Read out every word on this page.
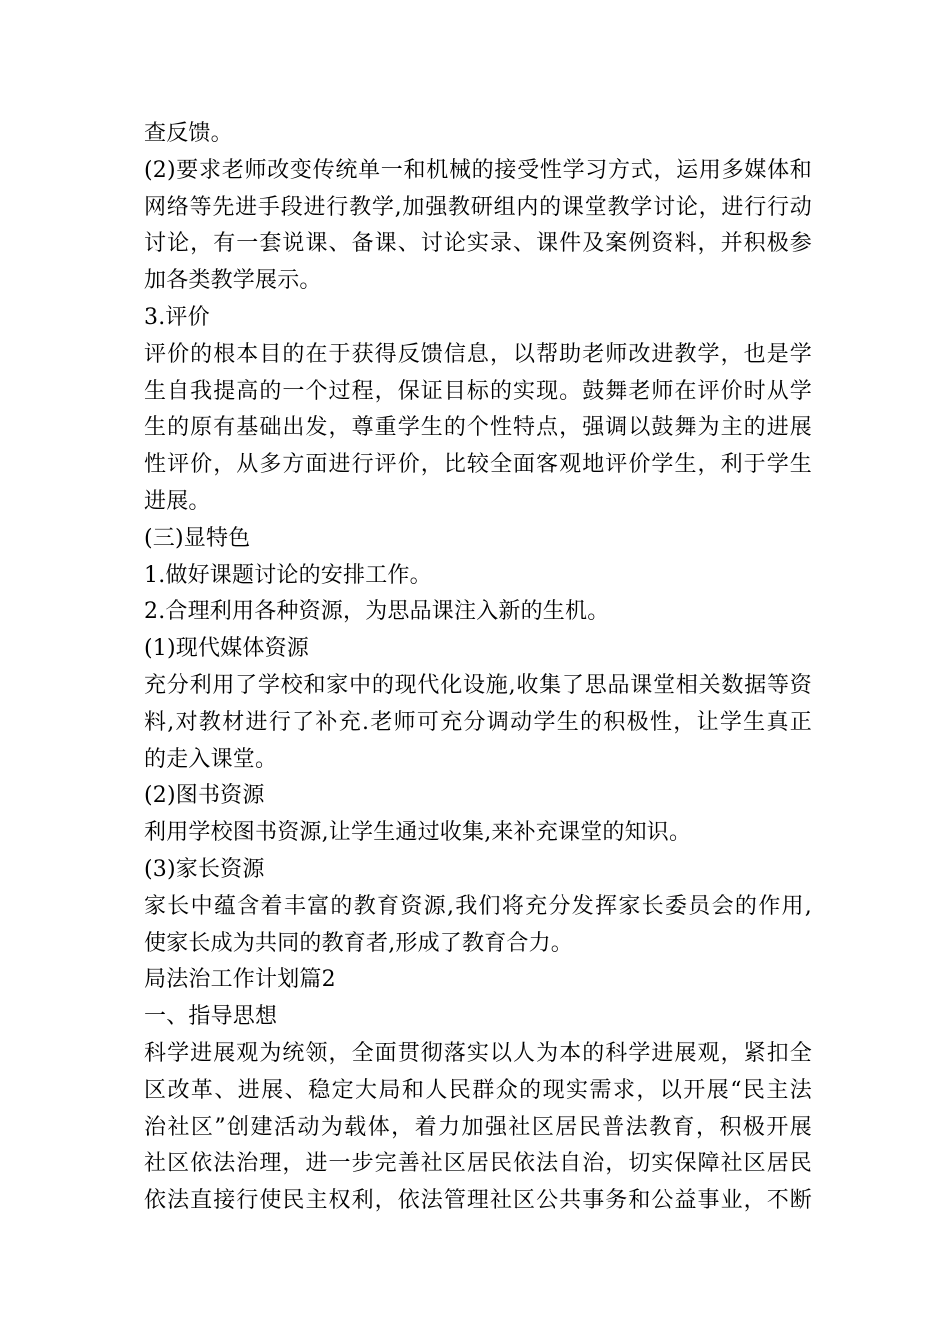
查反馈。
(2)要求老师改变传统单一和机械的接受性学习方式，运用多媒体和
网络等先进手段进行教学,加强教研组内的课堂教学讨论，进行行动
讨论，有一套说课、备课、讨论实录、课件及案例资料，并积极参
加各类教学展示。
3.评价
评价的根本目的在于获得反馈信息，以帮助老师改进教学，也是学
生自我提高的一个过程，保证目标的实现。鼓舞老师在评价时从学
生的原有基础出发，尊重学生的个性特点，强调以鼓舞为主的进展
性评价，从多方面进行评价，比较全面客观地评价学生，利于学生
进展。
(三)显特色
1.做好课题讨论的安排工作。
2.合理利用各种资源，为思品课注入新的生机。
(1)现代媒体资源
充分利用了学校和家中的现代化设施,收集了思品课堂相关数据等资
料,对教材进行了补充.老师可充分调动学生的积极性，让学生真正
的走入课堂。
(2)图书资源
利用学校图书资源,让学生通过收集,来补充课堂的知识。
(3)家长资源
家长中蕴含着丰富的教育资源,我们将充分发挥家长委员会的作用,
使家长成为共同的教育者,形成了教育合力。
局法治工作计划篇2
一、指导思想
科学进展观为统领，全面贯彻落实以人为本的科学进展观，紧扣全
区改革、进展、稳定大局和人民群众的现实需求，以开展“民主法
治社区”创建活动为载体，着力加强社区居民普法教育，积极开展
社区依法治理，进一步完善社区居民依法自治，切实保障社区居民
依法直接行使民主权利，依法管理社区公共事务和公益事业，不断
